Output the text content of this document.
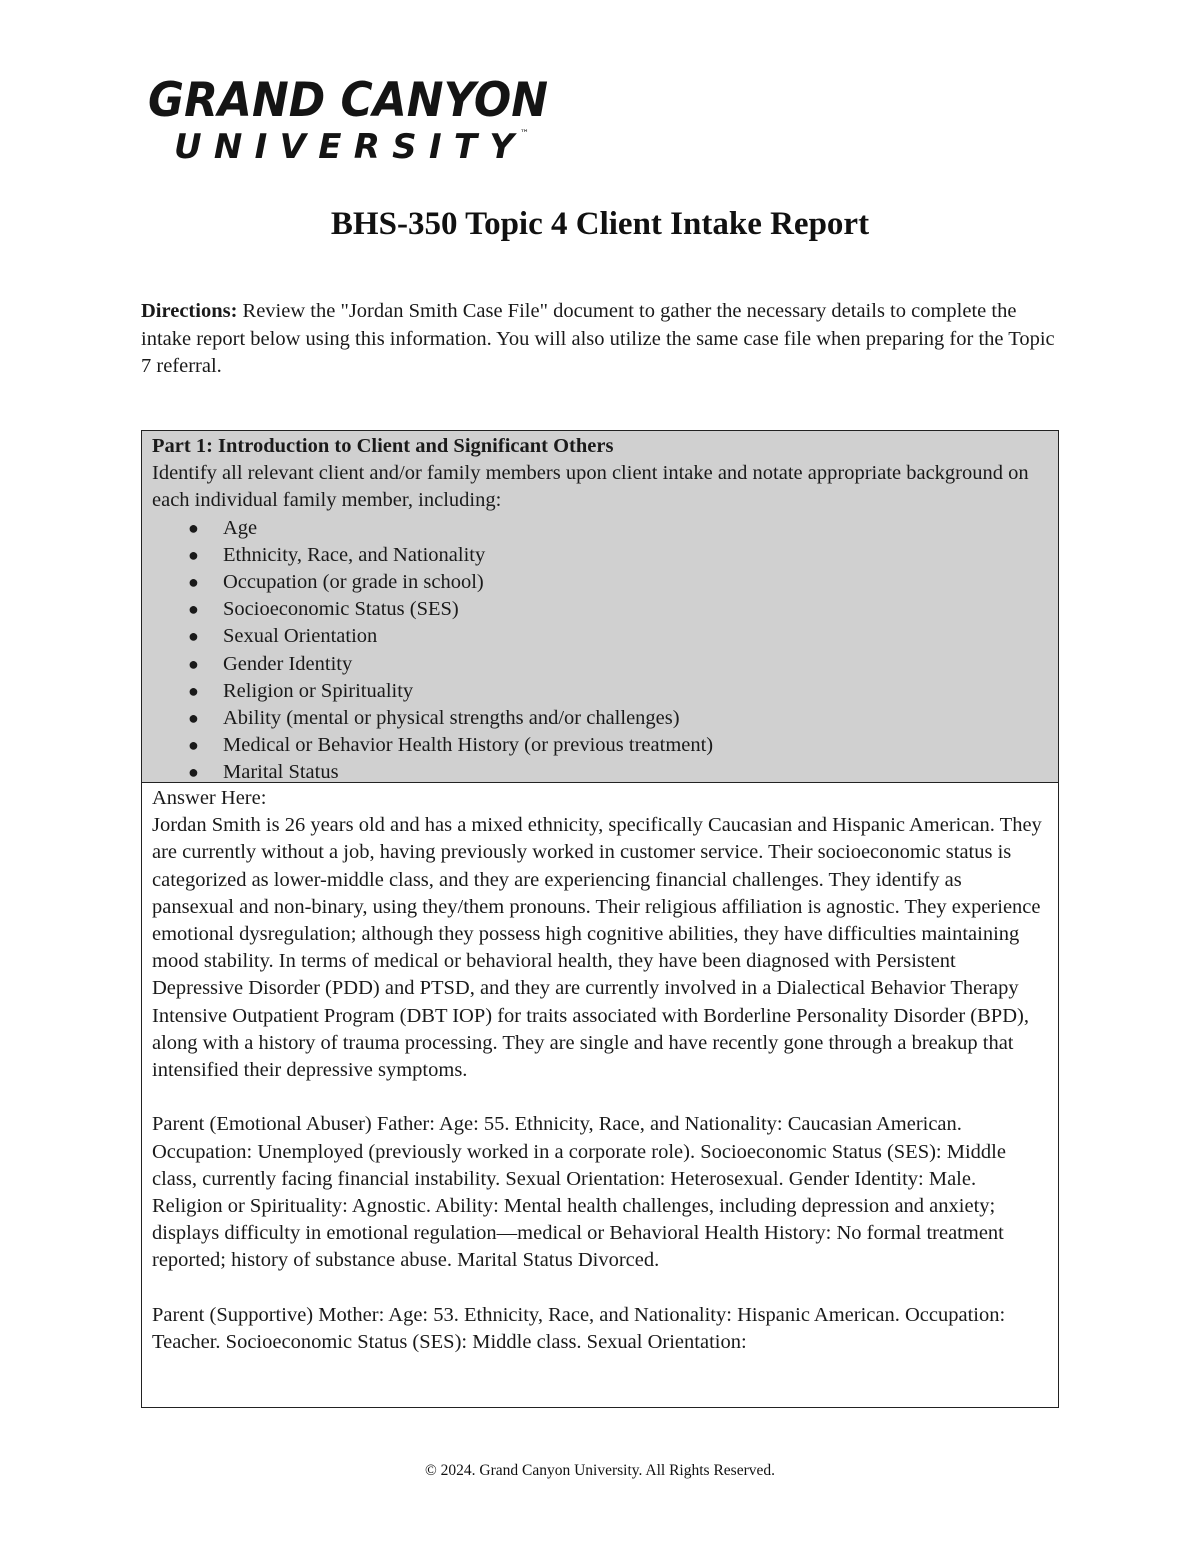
GRAND CANYON
UNIVERSITY ™
BHS-350 Topic 4 Client Intake Report
Directions: Review the "Jordan Smith Case File" document to gather the necessary details to complete the intake report below using this information. You will also utilize the same case file when preparing for the Topic 7 referral.
Part 1: Introduction to Client and Significant Others
Identify all relevant client and/or family members upon client intake and notate appropriate background on each individual family member, including:
● Age
● Ethnicity, Race, and Nationality
● Occupation (or grade in school)
● Socioeconomic Status (SES)
● Sexual Orientation
● Gender Identity
● Religion or Spirituality
● Ability (mental or physical strengths and/or challenges)
● Medical or Behavior Health History (or previous treatment)
● Marital Status
Answer Here:

Jordan Smith is 26 years old and has a mixed ethnicity, specifically Caucasian and Hispanic American. They are currently without a job, having previously worked in customer service. Their socioeconomic status is categorized as lower-middle class, and they are experiencing financial challenges. They identify as pansexual and non-binary, using they/them pronouns. Their religious affiliation is agnostic. They experience emotional dysregulation; although they possess high cognitive abilities, they have difficulties maintaining mood stability. In terms of medical or behavioral health, they have been diagnosed with Persistent Depressive Disorder (PDD) and PTSD, and they are currently involved in a Dialectical Behavior Therapy Intensive Outpatient Program (DBT IOP) for traits associated with Borderline Personality Disorder (BPD), along with a history of trauma processing. They are single and have recently gone through a breakup that intensified their depressive symptoms.

Parent (Emotional Abuser) Father: Age: 55. Ethnicity, Race, and Nationality: Caucasian American. Occupation: Unemployed (previously worked in a corporate role). Socioeconomic Status (SES): Middle class, currently facing financial instability. Sexual Orientation: Heterosexual. Gender Identity: Male. Religion or Spirituality: Agnostic. Ability: Mental health challenges, including depression and anxiety; displays difficulty in emotional regulation—medical or Behavioral Health History: No formal treatment reported; history of substance abuse. Marital Status Divorced.

Parent (Supportive) Mother: Age: 53. Ethnicity, Race, and Nationality: Hispanic American. Occupation: Teacher. Socioeconomic Status (SES): Middle class. Sexual Orientation:

© 2024. Grand Canyon University. All Rights Reserved.
